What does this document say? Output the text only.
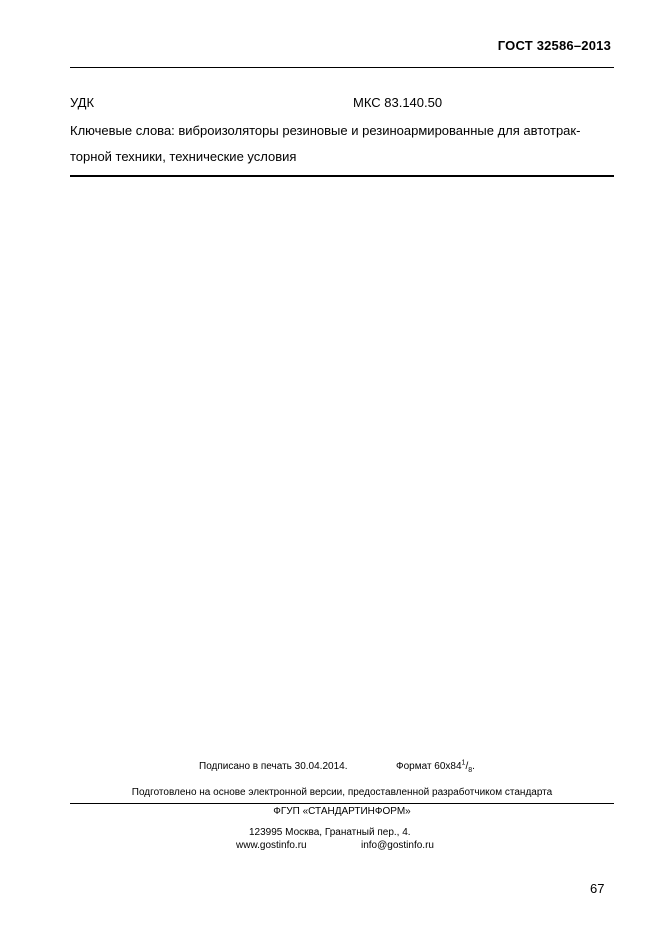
ГОСТ 32586–2013
УДК	МКС 83.140.50
Ключевые слова: виброизоляторы резиновые и резиноармированные для автотрак-
торной техники, технические условия
Подписано в печать 30.04.2014.	Формат $60x84^1/_8$.
Подготовлено на основе электронной версии, предоставленной разработчиком стандарта
ФГУП «СТАНДАРТИНФОРМ»
123995 Москва, Гранатный пер., 4.
www.gostinfo.ru	info@gostinfo.ru
67
